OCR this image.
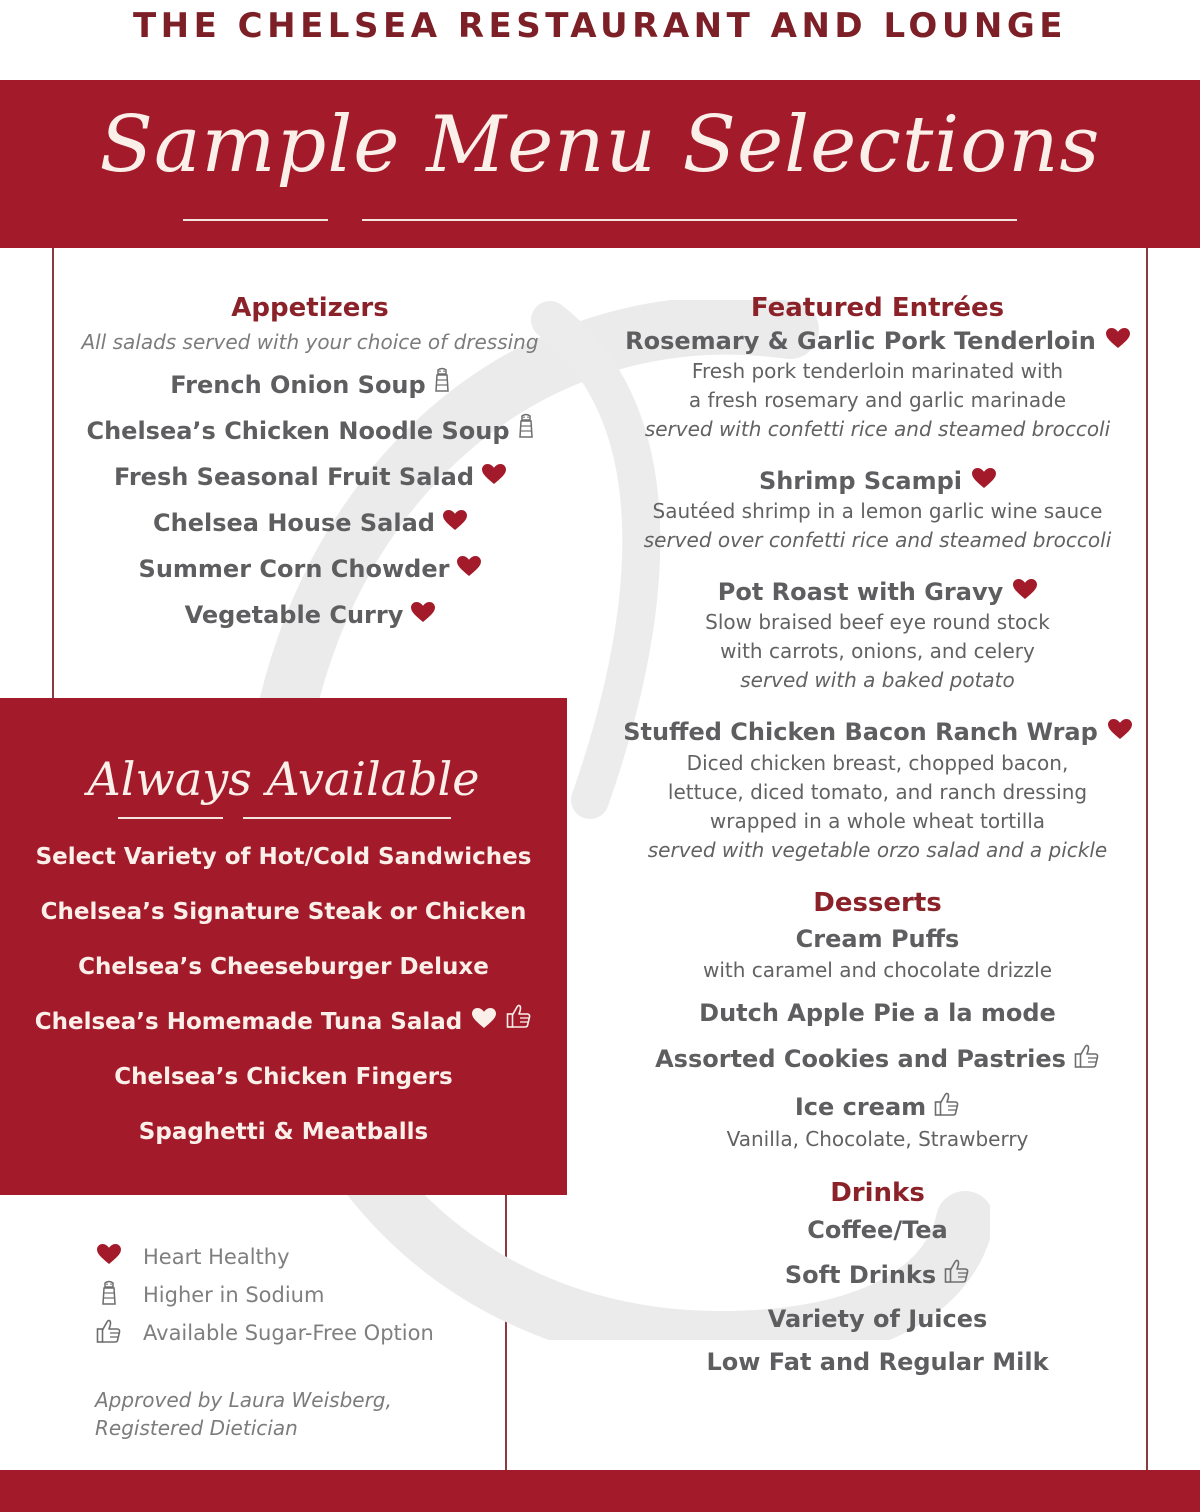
THE CHELSEA RESTAURANT AND LOUNGE
Sample Menu Selections
Appetizers
All salads served with your choice of dressing
French Onion Soup
Chelsea’s Chicken Noodle Soup
Fresh Seasonal Fruit Salad
Chelsea House Salad
Summer Corn Chowder
Vegetable Curry
Featured Entrées
Rosemary & Garlic Pork Tenderloin
Fresh pork tenderloin marinated with
a fresh rosemary and garlic marinade
served with confetti rice and steamed broccoli
Shrimp Scampi
Sautéed shrimp in a lemon garlic wine sauce
served over confetti rice and steamed broccoli
Pot Roast with Gravy
Slow braised beef eye round stock
with carrots, onions, and celery
served with a baked potato
Stuffed Chicken Bacon Ranch Wrap
Diced chicken breast, chopped bacon,
lettuce, diced tomato, and ranch dressing
wrapped in a whole wheat tortilla
served with vegetable orzo salad and a pickle
Desserts
Cream Puffs
with caramel and chocolate drizzle
Dutch Apple Pie a la mode
Assorted Cookies and Pastries
Ice cream
Vanilla, Chocolate, Strawberry
Drinks
Coffee/Tea
Soft Drinks
Variety of Juices
Low Fat and Regular Milk
Always Available
Select Variety of Hot/Cold Sandwiches
Chelsea’s Signature Steak or Chicken
Chelsea’s Cheeseburger Deluxe
Chelsea’s Homemade Tuna Salad
Chelsea’s Chicken Fingers
Spaghetti & Meatballs
Heart Healthy
Higher in Sodium
Available Sugar-Free Option
Approved by Laura Weisberg,
Registered Dietician
